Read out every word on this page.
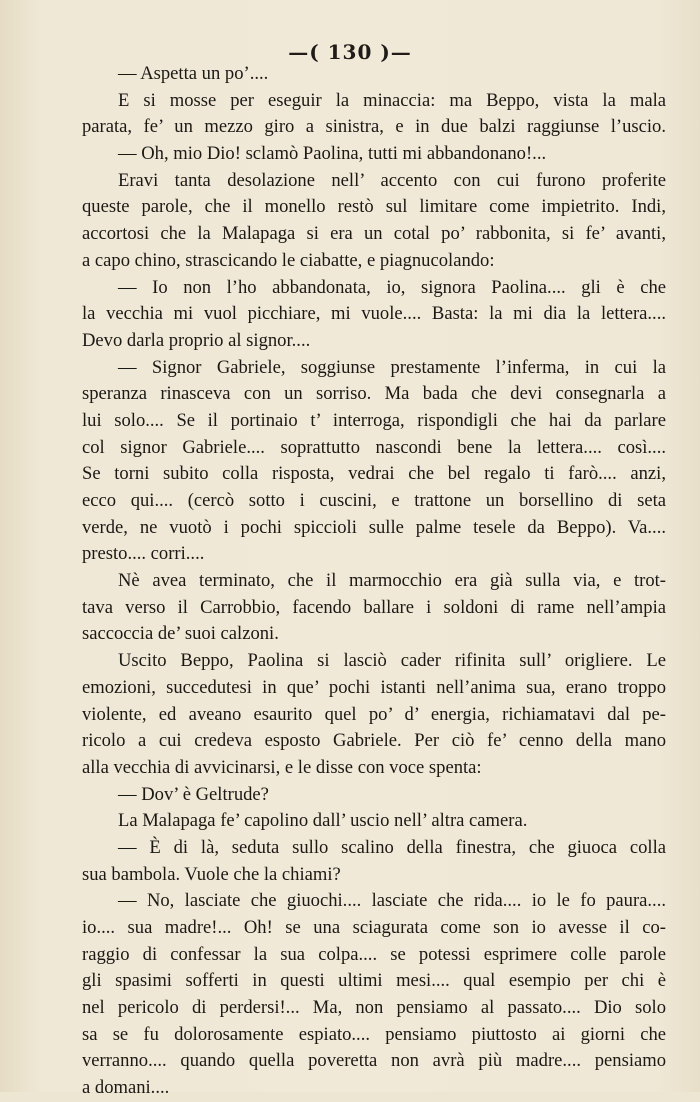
—( 130 )—
— Aspetta un po’....
E si mosse per eseguir la minaccia: ma Beppo, vista la mala
parata, fe’ un mezzo giro a sinistra, e in due balzi raggiunse l’uscio.
— Oh, mio Dio! sclamò Paolina, tutti mi abbandonano!...
Eravi tanta desolazione nell’ accento con cui furono proferite
queste parole, che il monello restò sul limitare come impietrito. Indi,
accortosi che la Malapaga si era un cotal po’ rabbonita, si fe’ avanti,
a capo chino, strascicando le ciabatte, e piagnucolando:
— Io non l’ho abbandonata, io, signora Paolina.... gli è che
la vecchia mi vuol picchiare, mi vuole.... Basta: la mi dia la lettera....
Devo darla proprio al signor....
— Signor Gabriele, soggiunse prestamente l’inferma, in cui la
speranza rinasceva con un sorriso. Ma bada che devi consegnarla a
lui solo.... Se il portinaio t’ interroga, rispondigli che hai da parlare
col signor Gabriele.... soprattutto nascondi bene la lettera.... così....
Se torni subito colla risposta, vedrai che bel regalo ti farò.... anzi,
ecco qui.... (cercò sotto i cuscini, e trattone un borsellino di seta
verde, ne vuotò i pochi spiccioli sulle palme tesele da Beppo). Va....
presto.... corri....
Nè avea terminato, che il marmocchio era già sulla via, e trot-
tava verso il Carrobbio, facendo ballare i soldoni di rame nell’ampia
saccoccia de’ suoi calzoni.
Uscito Beppo, Paolina si lasciò cader rifinita sull’ origliere. Le
emozioni, succedutesi in que’ pochi istanti nell’anima sua, erano troppo
violente, ed aveano esaurito quel po’ d’ energia, richiamatavi dal pe-
ricolo a cui credeva esposto Gabriele. Per ciò fe’ cenno della mano
alla vecchia di avvicinarsi, e le disse con voce spenta:
— Dov’ è Geltrude?
La Malapaga fe’ capolino dall’ uscio nell’ altra camera.
— È di là, seduta sullo scalino della finestra, che giuoca colla
sua bambola. Vuole che la chiami?
— No, lasciate che giuochi.... lasciate che rida.... io le fo paura....
io.... sua madre!... Oh! se una sciagurata come son io avesse il co-
raggio di confessar la sua colpa.... se potessi esprimere colle parole
gli spasimi sofferti in questi ultimi mesi.... qual esempio per chi è
nel pericolo di perdersi!... Ma, non pensiamo al passato.... Dio solo
sa se fu dolorosamente espiato.... pensiamo piuttosto ai giorni che
verranno.... quando quella poveretta non avrà più madre.... pensiamo
a domani....
